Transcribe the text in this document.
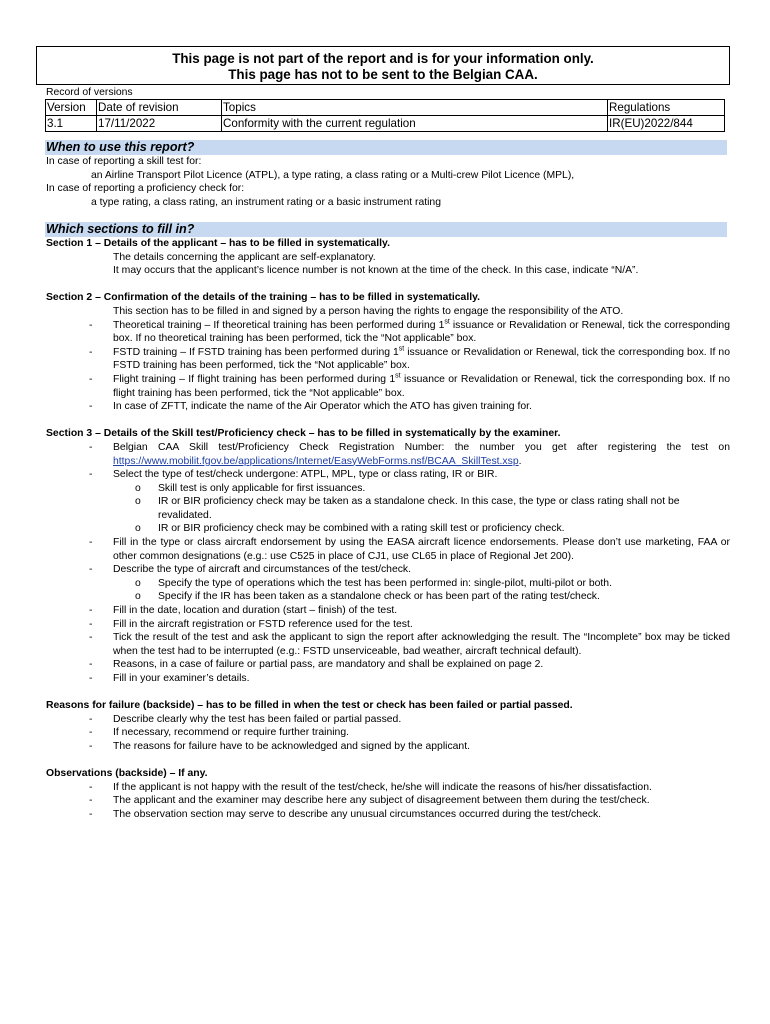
This page is not part of the report and is for your information only.
This page has not to be sent to the Belgian CAA.
Record of versions
Version	Date of revision	Topics	Regulations
3.1	17/11/2022	Conformity with the current regulation	IR(EU)2022/844
When to use this report?

In case of reporting a skill test for:

an Airline Transport Pilot Licence (ATPL), a type rating, a class rating or a Multi-crew Pilot Licence (MPL),

In case of reporting a proficiency check for:

a type rating, a class rating, an instrument rating or a basic instrument rating

Which sections to fill in?

Section 1 – Details of the applicant – has to be filled in systematically.

The details concerning the applicant are self-explanatory.

It may occurs that the applicant’s licence number is not known at the time of the check. In this case, indicate “N/A”.

Section 2 – Confirmation of the details of the training – has to be filled in systematically.

This section has to be filled in and signed by a person having the rights to engage the responsibility of the ATO.

- Theoretical training – If theoretical training has been performed during 1st issuance or Revalidation or Renewal, tick the corresponding box. If no theoretical training has been performed, tick the “Not applicable” box.
- FSTD training – If FSTD training has been performed during 1st issuance or Revalidation or Renewal, tick the corresponding box. If no FSTD training has been performed, tick the “Not applicable” box.
- Flight training – If flight training has been performed during 1st issuance or Revalidation or Renewal, tick the corresponding box. If no flight training has been performed, tick the “Not applicable” box.
- In case of ZFTT, indicate the name of the Air Operator which the ATO has given training for.

Section 3 – Details of the Skill test/Proficiency check – has to be filled in systematically by the examiner.

- Belgian CAA Skill test/Proficiency Check Registration Number: the number you get after registering the test on https://www.mobilit.fgov.be/applications/Internet/EasyWebForms.nsf/BCAA_SkillTest.xsp.
- Select the type of test/check undergone: ATPL, MPL, type or class rating, IR or BIR.
o Skill test is only applicable for first issuances.
o IR or BIR proficiency check may be taken as a standalone check. In this case, the type or class rating shall not be revalidated.
o IR or BIR proficiency check may be combined with a rating skill test or proficiency check.
- Fill in the type or class aircraft endorsement by using the EASA aircraft licence endorsements. Please don’t use marketing, FAA or other common designations (e.g.: use C525 in place of CJ1, use CL65 in place of Regional Jet 200).
- Describe the type of aircraft and circumstances of the test/check.
o Specify the type of operations which the test has been performed in: single-pilot, multi-pilot or both.
o Specify if the IR has been taken as a standalone check or has been part of the rating test/check.
- Fill in the date, location and duration (start – finish) of the test.
- Fill in the aircraft registration or FSTD reference used for the test.
- Tick the result of the test and ask the applicant to sign the report after acknowledging the result. The “Incomplete” box may be ticked when the test had to be interrupted (e.g.: FSTD unserviceable, bad weather, aircraft technical default).
- Reasons, in a case of failure or partial pass, are mandatory and shall be explained on page 2.
- Fill in your examiner’s details.

Reasons for failure (backside) – has to be filled in when the test or check has been failed or partial passed.

- Describe clearly why the test has been failed or partial passed.
- If necessary, recommend or require further training.
- The reasons for failure have to be acknowledged and signed by the applicant.

Observations (backside) – If any.

- If the applicant is not happy with the result of the test/check, he/she will indicate the reasons of his/her dissatisfaction.
- The applicant and the examiner may describe here any subject of disagreement between them during the test/check.
- The observation section may serve to describe any unusual circumstances occurred during the test/check.
